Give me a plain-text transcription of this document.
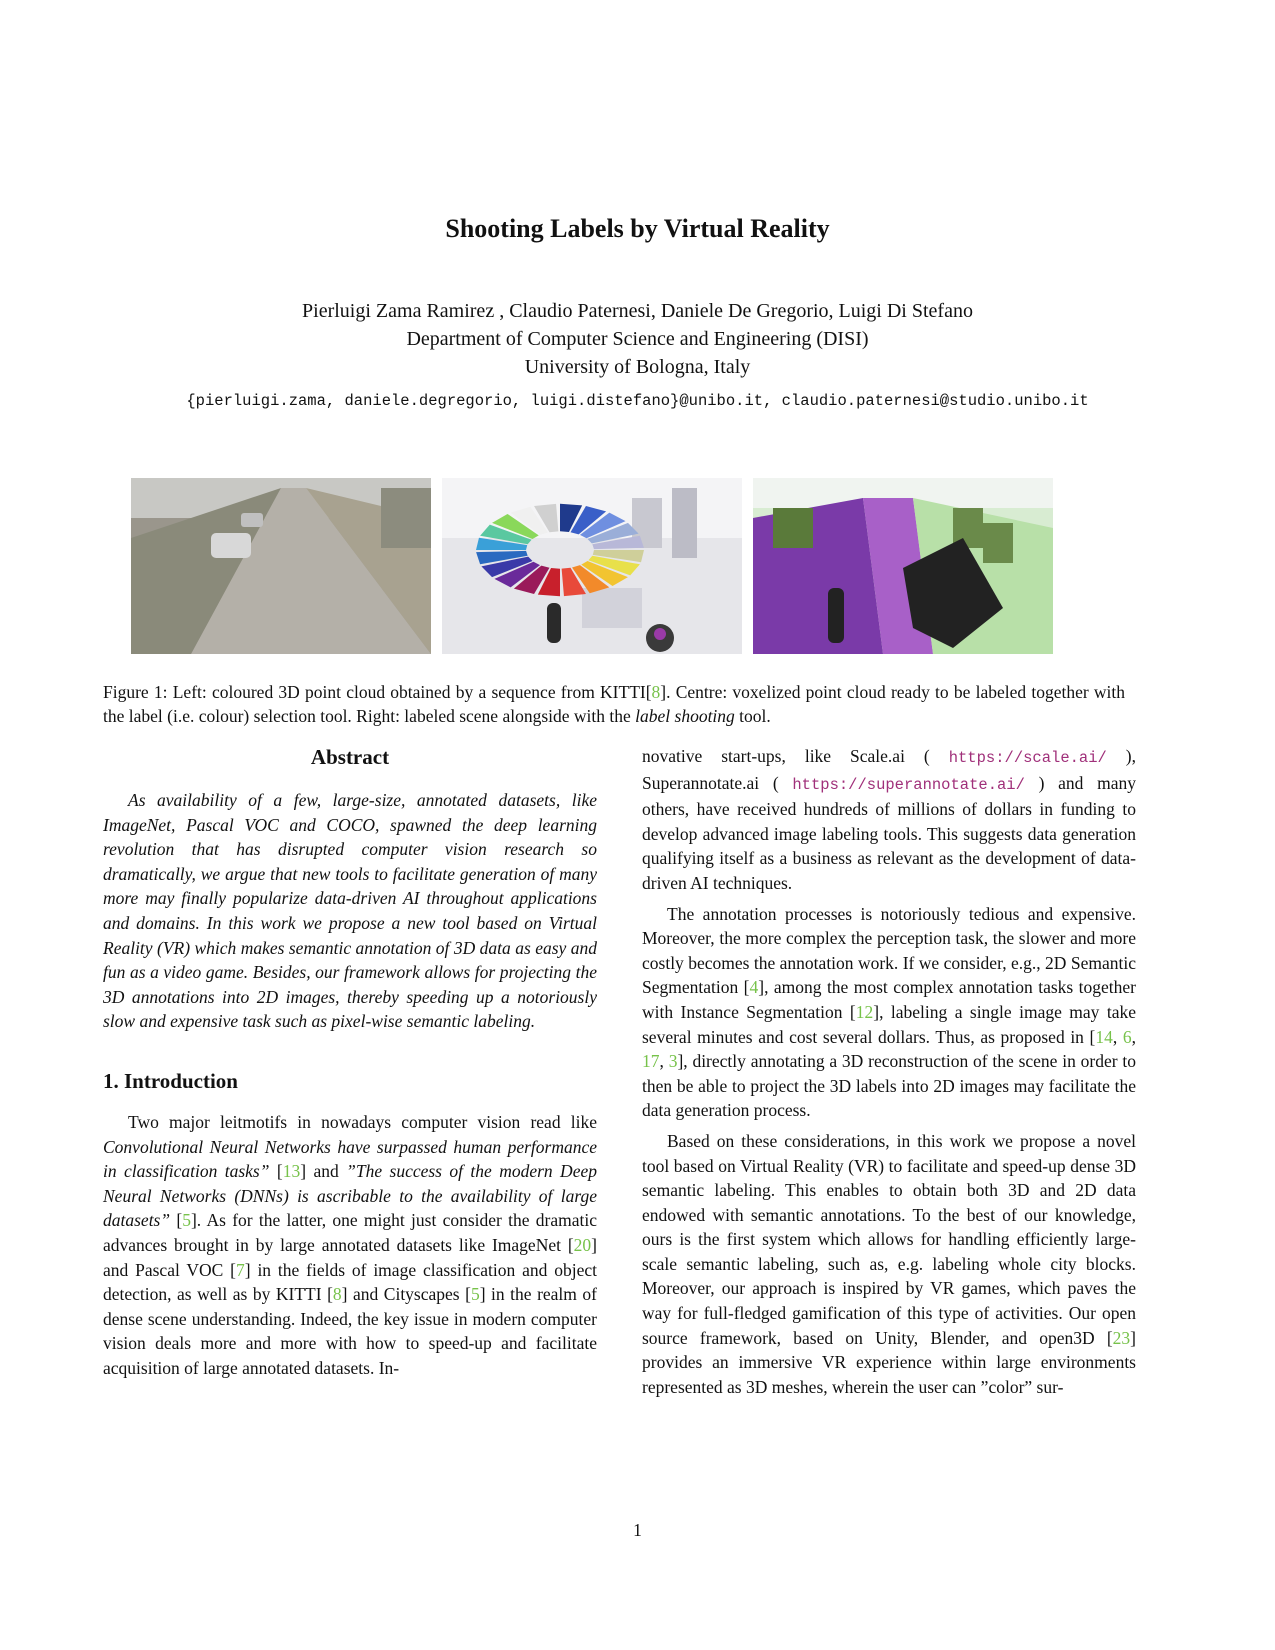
Shooting Labels by Virtual Reality
Pierluigi Zama Ramirez , Claudio Paternesi, Daniele De Gregorio, Luigi Di Stefano
Department of Computer Science and Engineering (DISI)
University of Bologna, Italy
{pierluigi.zama, daniele.degregorio, luigi.distefano}@unibo.it, claudio.paternesi@studio.unibo.it
Figure 1: Left: coloured 3D point cloud obtained by a sequence from KITTI[8]. Centre: voxelized point cloud ready to be labeled together with the label (i.e. colour) selection tool. Right: labeled scene alongside with the label shooting tool.
Abstract

As availability of a few, large-size, annotated datasets, like ImageNet, Pascal VOC and COCO, spawned the deep learning revolution that has disrupted computer vision research so dramatically, we argue that new tools to facilitate generation of many more may finally popularize data-driven AI throughout applications and domains. In this work we propose a new tool based on Virtual Reality (VR) which makes semantic annotation of 3D data as easy and fun as a video game. Besides, our framework allows for projecting the 3D annotations into 2D images, thereby speeding up a notoriously slow and expensive task such as pixel-wise semantic labeling.

1. Introduction

Two major leitmotifs in nowadays computer vision read like Convolutional Neural Networks have surpassed human performance in classification tasks” [13] and ”The success of the modern Deep Neural Networks (DNNs) is ascribable to the availability of large datasets” [5]. As for the latter, one might just consider the dramatic advances brought in by large annotated datasets like ImageNet [20] and Pascal VOC [7] in the fields of image classification and object detection, as well as by KITTI [8] and Cityscapes [5] in the realm of dense scene understanding. Indeed, the key issue in modern computer vision deals more and more with how to speed-up and facilitate acquisition of large annotated datasets. In-

novative start-ups, like Scale.ai ( https://scale.ai/ ), Superannotate.ai ( https://superannotate.ai/ ) and many others, have received hundreds of millions of dollars in funding to develop advanced image labeling tools. This suggests data generation qualifying itself as a business as relevant as the development of data-driven AI techniques.

The annotation processes is notoriously tedious and expensive. Moreover, the more complex the perception task, the slower and more costly becomes the annotation work. If we consider, e.g., 2D Semantic Segmentation [4], among the most complex annotation tasks together with Instance Segmentation [12], labeling a single image may take several minutes and cost several dollars. Thus, as proposed in [14, 6, 17, 3], directly annotating a 3D reconstruction of the scene in order to then be able to project the 3D labels into 2D images may facilitate the data generation process.

Based on these considerations, in this work we propose a novel tool based on Virtual Reality (VR) to facilitate and speed-up dense 3D semantic labeling. This enables to obtain both 3D and 2D data endowed with semantic annotations. To the best of our knowledge, ours is the first system which allows for handling efficiently large-scale semantic labeling, such as, e.g. labeling whole city blocks. Moreover, our approach is inspired by VR games, which paves the way for full-fledged gamification of this type of activities. Our open source framework, based on Unity, Blender, and open3D [23] provides an immersive VR experience within large environments represented as 3D meshes, wherein the user can ”color” sur-

1
